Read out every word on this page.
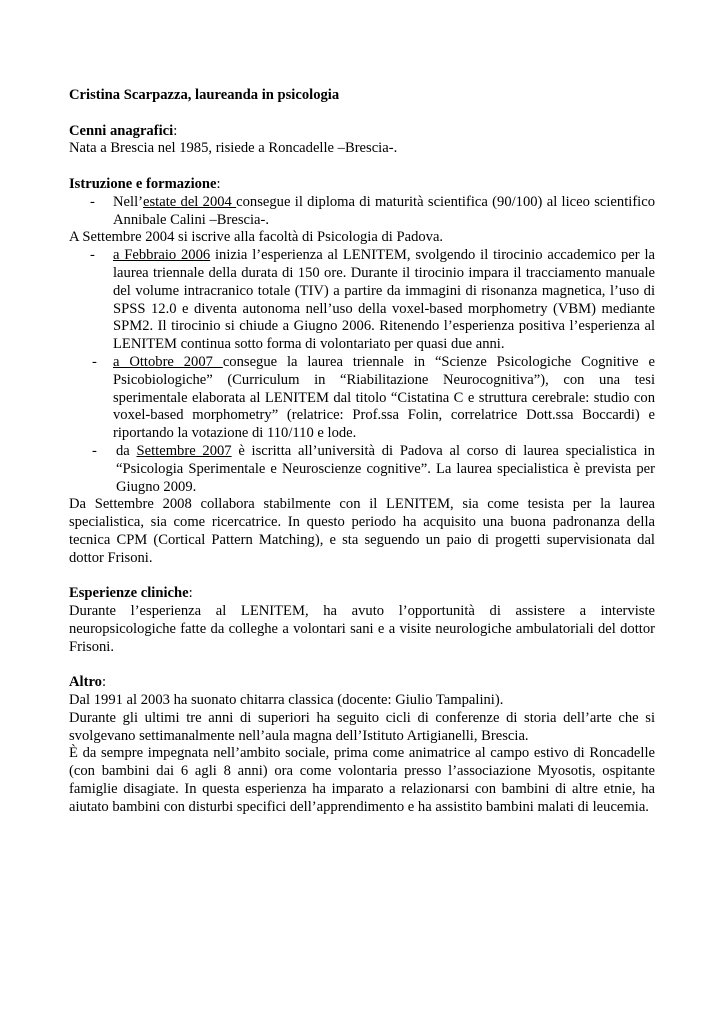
Cristina Scarpazza, laureanda in psicologia

Cenni anagrafici:

Nata a Brescia nel 1985, risiede a Roncadelle –Brescia-.

Istruzione e formazione:

- Nell’estate del 2004 consegue il diploma di maturità scientifica (90/100) al liceo scientifico Annibale Calini –Brescia-.

A Settembre 2004 si iscrive alla facoltà di Psicologia di Padova.

- a Febbraio 2006 inizia l’esperienza al LENITEM, svolgendo il tirocinio accademico per la laurea triennale della durata di 150 ore. Durante il tirocinio impara il tracciamento manuale del volume intracranico totale (TIV) a partire da immagini di risonanza magnetica, l’uso di SPSS 12.0 e diventa autonoma nell’uso della voxel-based morphometry (VBM) mediante SPM2. Il tirocinio si chiude a Giugno 2006. Ritenendo l’esperienza positiva l’esperienza al LENITEM continua sotto forma di volontariato per quasi due anni.
- a Ottobre 2007 consegue la laurea triennale in “Scienze Psicologiche Cognitive e Psicobiologiche” (Curriculum in “Riabilitazione Neurocognitiva”), con una tesi sperimentale elaborata al LENITEM dal titolo “Cistatina C e struttura cerebrale: studio con voxel-based morphometry” (relatrice: Prof.ssa Folin, correlatrice Dott.ssa Boccardi) e riportando la votazione di 110/110 e lode.
- da Settembre 2007 è iscritta all’università di Padova al corso di laurea specialistica in “Psicologia Sperimentale e Neuroscienze cognitive”. La laurea specialistica è prevista per Giugno 2009.

Da Settembre 2008 collabora stabilmente con il LENITEM, sia come tesista per la laurea specialistica, sia come ricercatrice. In questo periodo ha acquisito una buona padronanza della tecnica CPM (Cortical Pattern Matching), e sta seguendo un paio di progetti supervisionata dal dottor Frisoni.

Esperienze cliniche:

Durante l’esperienza al LENITEM, ha avuto l’opportunità di assistere a interviste neuropsicologiche fatte da colleghe a volontari sani e a visite neurologiche ambulatoriali del dottor Frisoni.

Altro:

Dal 1991 al 2003 ha suonato chitarra classica (docente: Giulio Tampalini).

Durante gli ultimi tre anni di superiori ha seguito cicli di conferenze di storia dell’arte che si svolgevano settimanalmente nell’aula magna dell’Istituto Artigianelli, Brescia.

È da sempre impegnata nell’ambito sociale, prima come animatrice al campo estivo di Roncadelle (con bambini dai 6 agli 8 anni) ora come volontaria presso l’associazione Myosotis, ospitante famiglie disagiate. In questa esperienza ha imparato a relazionarsi con bambini di altre etnie, ha aiutato bambini con disturbi specifici dell’apprendimento e ha assistito bambini malati di leucemia.
